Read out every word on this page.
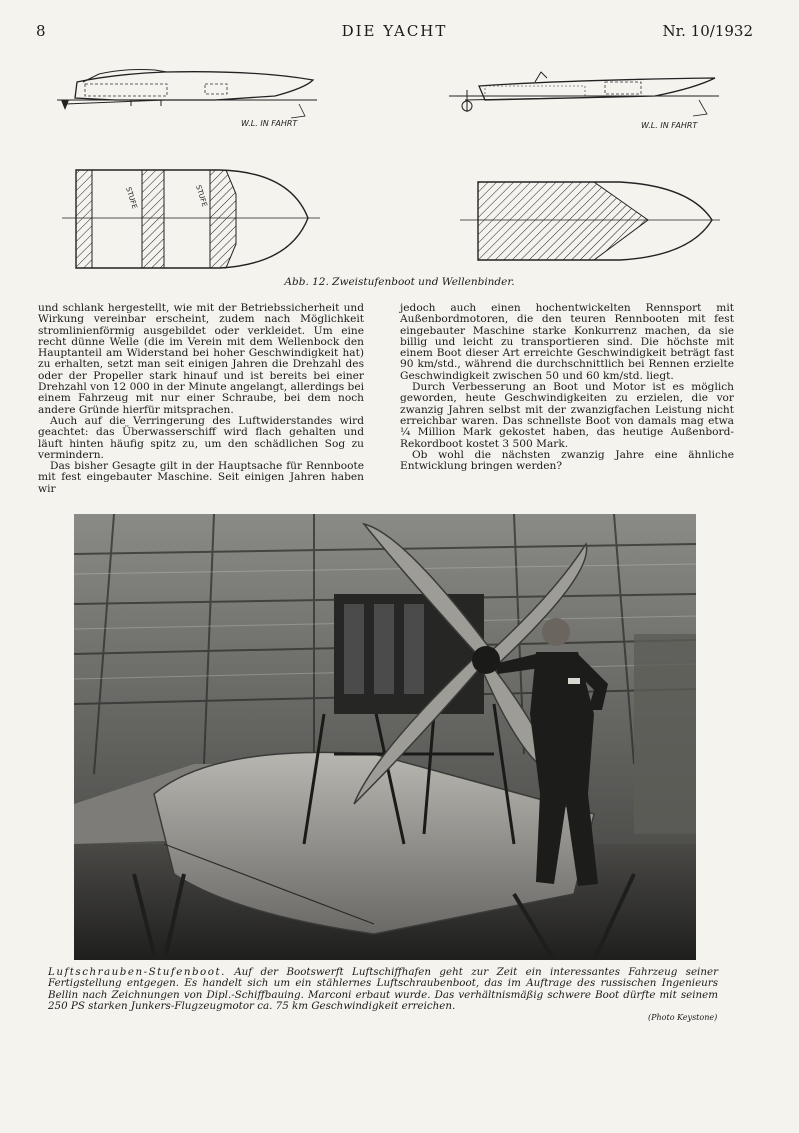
8	DIE YACHT	Nr. 10/1932
W.L. IN FAHRT	W.L. IN FAHRT
STUFE	STUFE
Abb. 12. Zweistufenboot und Wellenbinder.

und schlank hergestellt, wie mit der Betriebssicherheit und Wirkung vereinbar erscheint, zudem nach Möglichkeit stromlinienförmig ausgebildet oder verkleidet. Um eine recht dünne Welle (die im Verein mit dem Wellenbock den Hauptanteil am Widerstand bei hoher Geschwindigkeit hat) zu erhalten, setzt man seit einigen Jahren die Drehzahl des oder der Propeller stark hinauf und ist bereits bei einer Drehzahl von 12 000 in der Minute angelangt, allerdings bei einem Fahrzeug mit nur einer Schraube, bei dem noch andere Gründe hierfür mitsprachen.

Auch auf die Verringerung des Luftwiderstandes wird geachtet: das Überwasserschiff wird flach gehalten und läuft hinten häufig spitz zu, um den schädlichen Sog zu vermindern.

Das bisher Gesagte gilt in der Hauptsache für Rennboote mit fest eingebauter Maschine. Seit einigen Jahren haben wir

jedoch auch einen hochentwickelten Rennsport mit Außenbordmotoren, die den teuren Rennbooten mit fest eingebauter Maschine starke Konkurrenz machen, da sie billig und leicht zu transportieren sind. Die höchste mit einem Boot dieser Art erreichte Geschwindigkeit beträgt fast 90 km/std., während die durchschnittlich bei Rennen erzielte Geschwindigkeit zwischen 50 und 60 km/std. liegt.

Durch Verbesserung an Boot und Motor ist es möglich geworden, heute Geschwindigkeiten zu erzielen, die vor zwanzig Jahren selbst mit der zwanzigfachen Leistung nicht erreichbar waren. Das schnellste Boot von damals mag etwa ¼ Million Mark gekostet haben, das heutige Außenbord-Rekordboot kostet 3 500 Mark.

Ob wohl die nächsten zwanzig Jahre eine ähnliche Entwicklung bringen werden?

Luftschrauben-Stufenboot. Auf der Bootswerft Luftschiffhafen geht zur Zeit ein interessantes Fahrzeug seiner Fertigstellung entgegen. Es handelt sich um ein stählernes Luftschraubenboot, das im Auftrage des russischen Ingenieurs Bellin nach Zeichnungen von Dipl.-Schiffbauing. Marconi erbaut wurde. Das verhältnismäßig schwere Boot dürfte mit seinem 250 PS starken Junkers-Flugzeugmotor ca. 75 km Geschwindigkeit erreichen.
(Photo Keystone)
